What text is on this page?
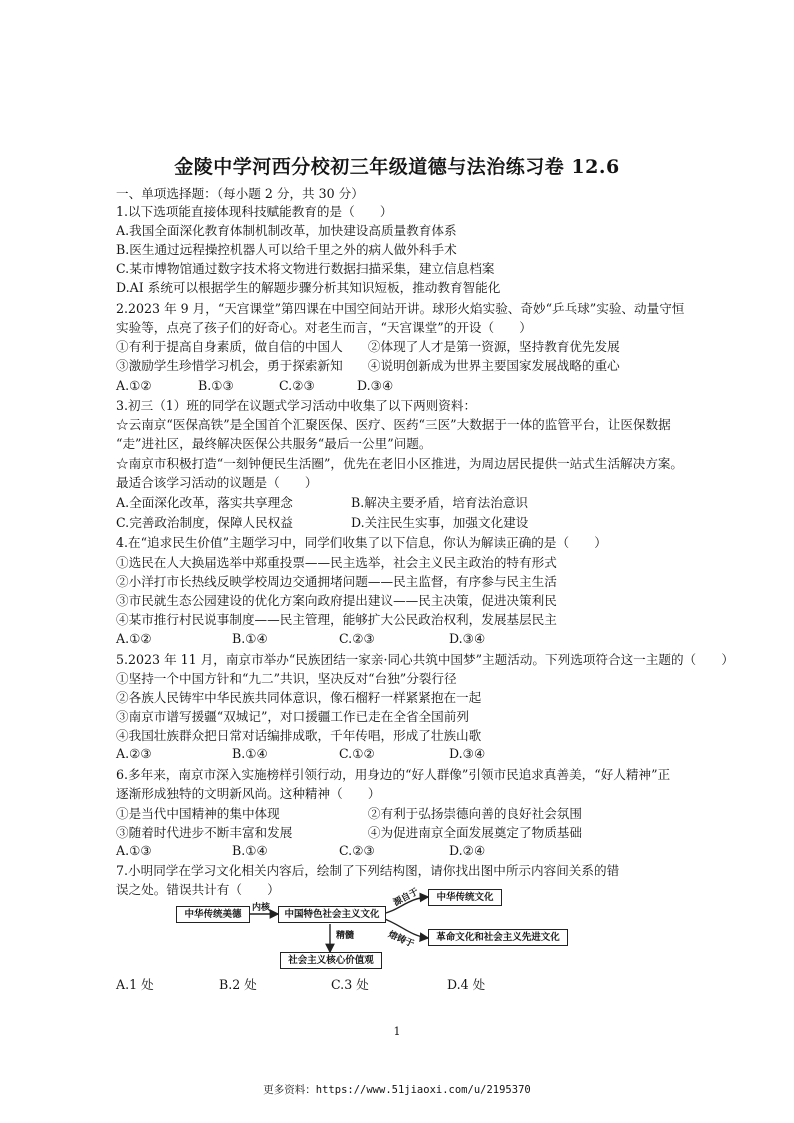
金陵中学河西分校初三年级道德与法治练习卷 12.6
一、单项选择题：（每小题 2 分，共 30 分）
1.以下选项能直接体现科技赋能教育的是（　　）
A.我国全面深化教育体制机制改革，加快建设高质量教育体系
B.医生通过远程操控机器人可以给千里之外的病人做外科手术
C.某市博物馆通过数字技术将文物进行数据扫描采集，建立信息档案
D.AI 系统可以根据学生的解题步骤分析其知识短板，推动教育智能化
2.2023 年 9 月，“天宫课堂”第四课在中国空间站开讲。球形火焰实验、奇妙“乒乓球”实验、动量守恒
实验等，点亮了孩子们的好奇心。对老生而言，“天宫课堂”的开设（　　）
①有利于提高自身素质，做自信的中国人　　②体现了人才是第一资源，坚持教育优先发展
③激励学生珍惜学习机会，勇于探索新知　　④说明创新成为世界主要国家发展战略的重心
A.①②	B.①③	C.②③	D.③④
3.初三（1）班的同学在议题式学习活动中收集了以下两则资料：
☆云南京“医保高铁”是全国首个汇聚医保、医疗、医药“三医”大数据于一体的监管平台，让医保数据
“走”进社区，最终解决医保公共服务“最后一公里”问题。
☆南京市积极打造“一刻钟便民生活圈”，优先在老旧小区推进，为周边居民提供一站式生活解决方案。
最适合该学习活动的议题是（　　）
A.全面深化改革，落实共享理念	B.解决主要矛盾，培育法治意识
C.完善政治制度，保障人民权益	D.关注民生实事，加强文化建设
4.在“追求民生价值”主题学习中，同学们收集了以下信息，你认为解读正确的是（　　）
①选民在人大换届选举中郑重投票——民主选举，社会主义民主政治的特有形式
②小洋打市长热线反映学校周边交通拥堵问题——民主监督，有序参与民主生活
③市民就生态公园建设的优化方案向政府提出建议——民主决策，促进决策利民
④某市推行村民说事制度——民主管理，能够扩大公民政治权利，发展基层民主
A.①②	B.①④	C.②③	D.③④
5.2023 年 11 月，南京市举办“民族团结一家亲·同心共筑中国梦”主题活动。下列选项符合这一主题的（　　）
①坚持一个中国方针和“九二”共识，坚决反对“台独”分裂行径
②各族人民铸牢中华民族共同体意识，像石榴籽一样紧紧抱在一起
③南京市谱写援疆“双城记”，对口援疆工作已走在全省全国前列
④我国壮族群众把日常对话编排成歌，千年传唱，形成了壮族山歌
A.②③	B.①④	C.①②	D.③④
6.多年来，南京市深入实施榜样引领行动，用身边的“好人群像”引领市民追求真善美，“好人精神”正
逐渐形成独特的文明新风尚。这种精神（　　）
①是当代中国精神的集中体现　　　　　　　②有利于弘扬崇德向善的良好社会氛围
③随着时代进步不断丰富和发展　　　　　　④为促进南京全面发展奠定了物质基础
A.①③	B.①④	C.②③	D.②④
7.小明同学在学习文化相关内容后，绘制了下列结构图，请你找出图中所示内容间关系的错
误之处。错误共计有（　　）
中华传统美德	中国特色社会主义文化
中华传统文化
革命文化和社会主义先进文化
社会主义核心价值观
内核	源自于
熔铸于
精髓
A.1 处	B.2 处	C.3 处	D.4 处
1
更多资料：https://www.51jiaoxi.com/u/2195370
